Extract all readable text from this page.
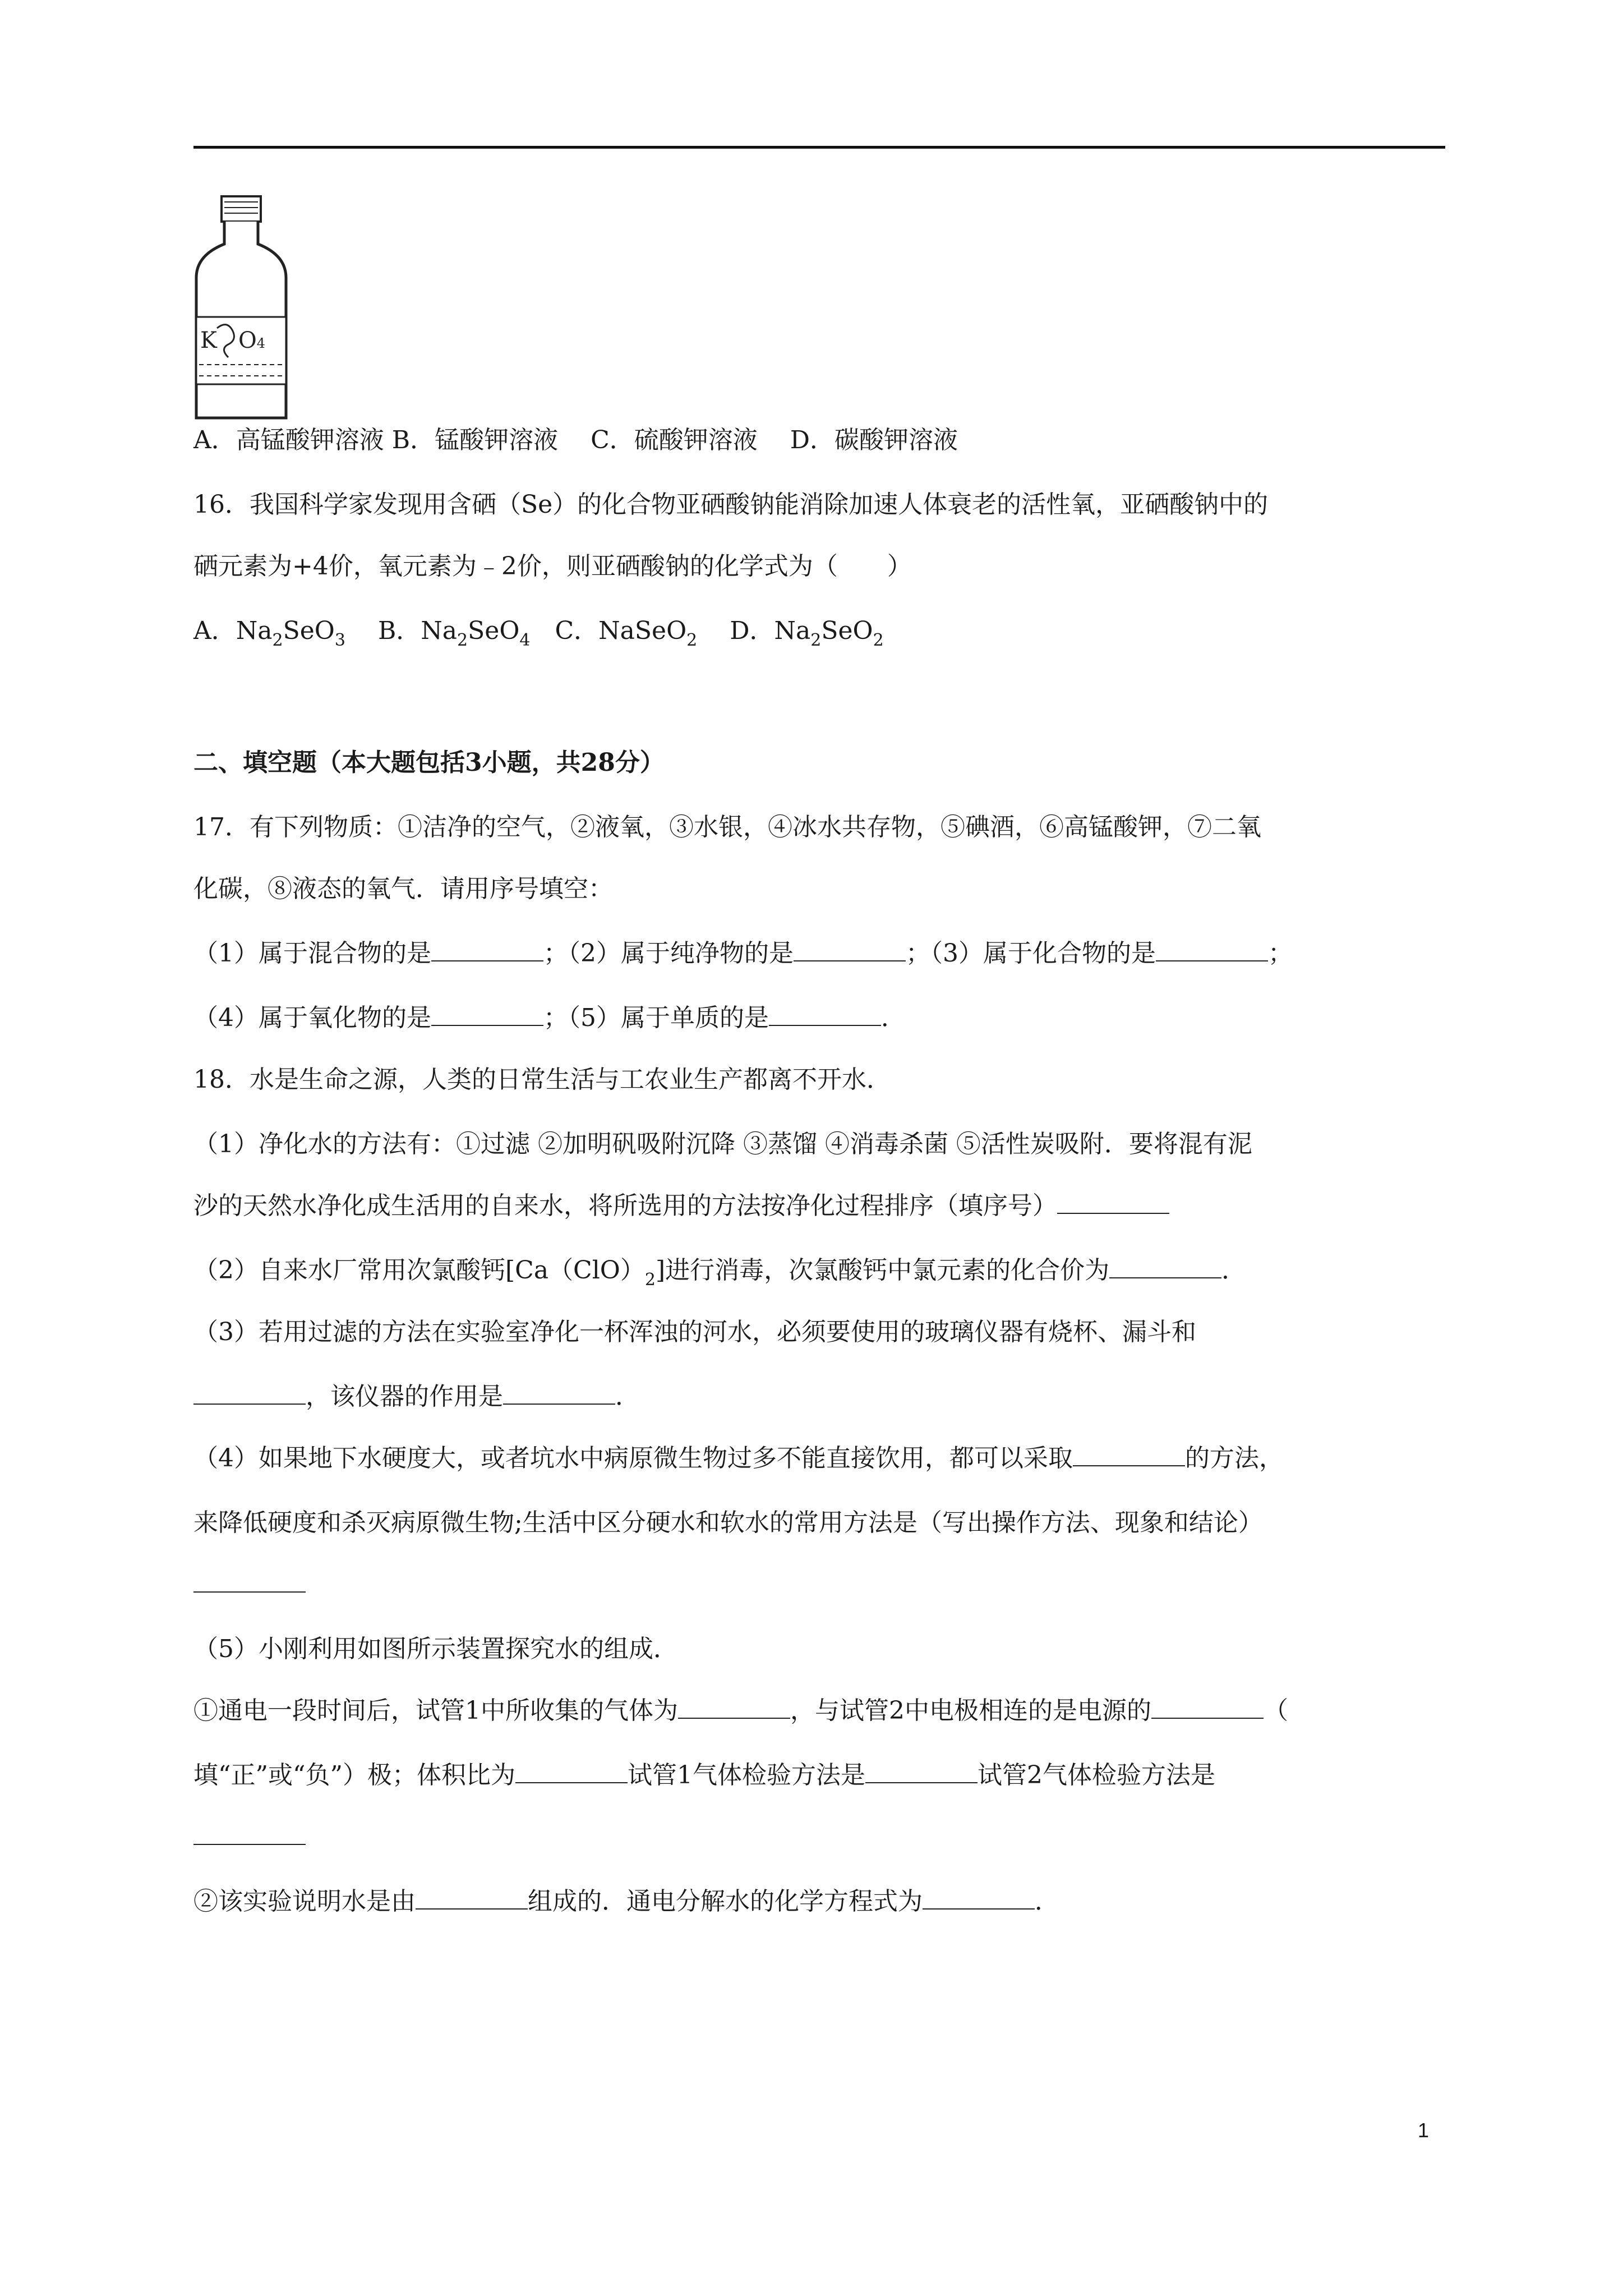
K O4
A．高锰酸钾溶液 B．锰酸钾溶液　 C．硫酸钾溶液　 D．碳酸钾溶液
16．我国科学家发现用含硒（Se）的化合物亚硒酸钠能消除加速人体衰老的活性氧，亚硒酸钠中的
硒元素为+4价，氧元素为﹣2价，则亚硒酸钠的化学式为（　　）
A．$Na_2SeO_3$　 B．$Na_2SeO_4$　 C．NaSeO$_2$　 D．$Na_2SeO_2$
二、填空题（本大题包括3小题，共28分）
17．有下列物质：①洁净的空气，②液氧，③水银，④冰水共存物，⑤碘酒，⑥高锰酸钾，⑦二氧
化碳，⑧液态的氧气．请用序号填空：
（1）属于混合物的是	；（2）属于纯净物的是	；（3）属于化合物的是	；
（4）属于氧化物的是	；（5）属于单质的是	．
18．水是生命之源，人类的日常生活与工农业生产都离不开水．
（1）净化水的方法有：①过滤 ②加明矾吸附沉降 ③蒸馏 ④消毒杀菌 ⑤活性炭吸附．要将混有泥
沙的天然水净化成生活用的自来水，将所选用的方法按净化过程排序（填序号）
（2）自来水厂常用次氯酸钙$[Ca(ClO)_2]$进行消毒，次氯酸钙中氯元素的化合价为	．
（3）若用过滤的方法在实验室净化一杯浑浊的河水，必须要使用的玻璃仪器有烧杯、漏斗和
，该仪器的作用是	．
（4）如果地下水硬度大，或者坑水中病原微生物过多不能直接饮用，都可以采取	的方法，
来降低硬度和杀灭病原微生物;生活中区分硬水和软水的常用方法是（写出操作方法、现象和结论）
（5）小刚利用如图所示装置探究水的组成．
①通电一段时间后，试管1中所收集的气体为	，与试管2中电极相连的是电源的	（
填“正”或“负”）极；体积比为	试管1气体检验方法是	试管2气体检验方法是
②该实验说明水是由	组成的．通电分解水的化学方程式为	．
1
